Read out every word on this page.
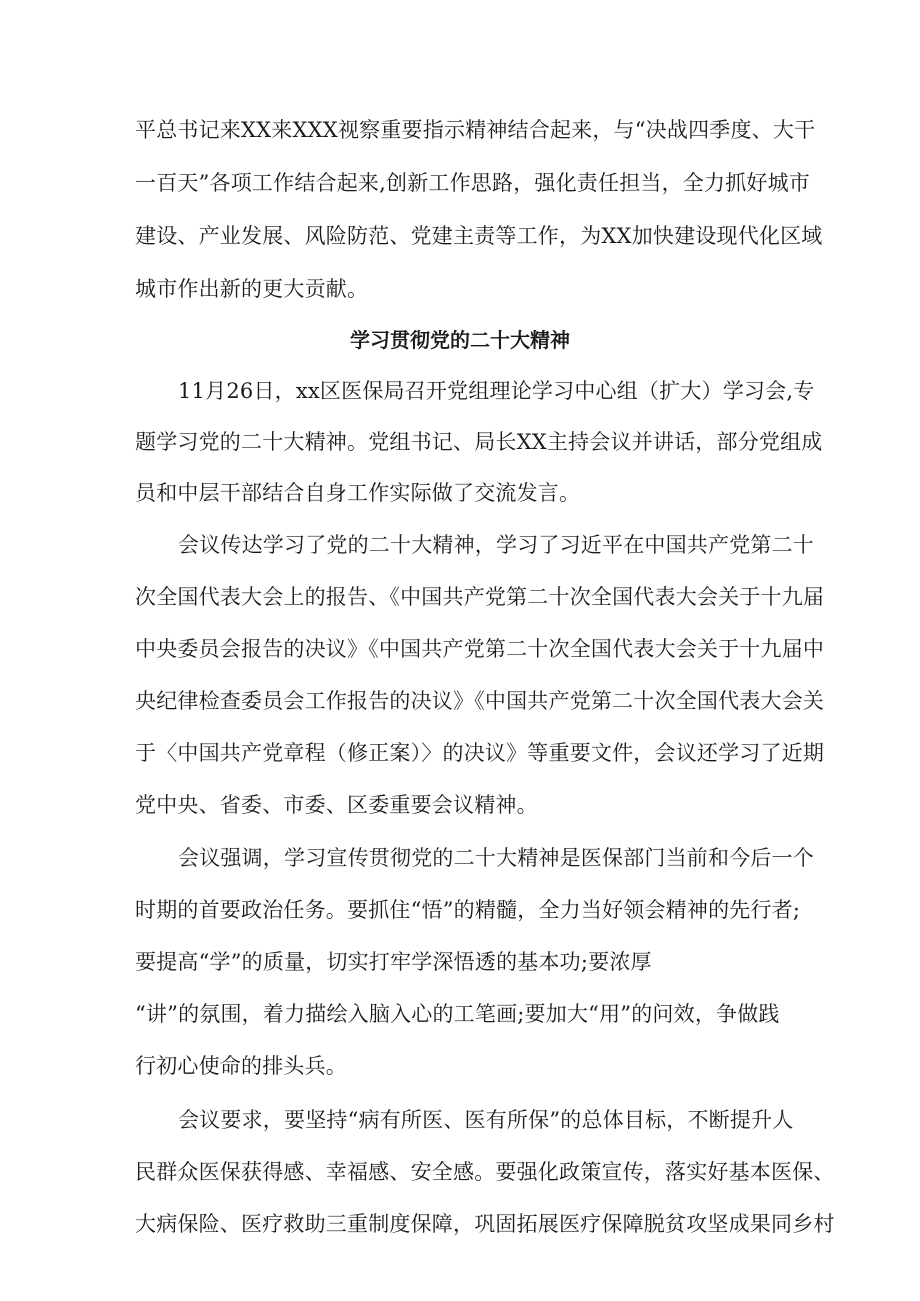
平总书记来XX来XXX视察重要指示精神结合起来，与“决战四季度、大干
一百天”各项工作结合起来,创新工作思路，强化责任担当，全力抓好城市
建设、产业发展、风险防范、党建主责等工作，为XX加快建设现代化区域
城市作出新的更大贡献。
学习贯彻党的二十大精神
11月26日，xx区医保局召开党组理论学习中心组（扩大）学习会,专
题学习党的二十大精神。党组书记、局长XX主持会议并讲话，部分党组成
员和中层干部结合自身工作实际做了交流发言。
会议传达学习了党的二十大精神，学习了习近平在中国共产党第二十
次全国代表大会上的报告、《中国共产党第二十次全国代表大会关于十九届
中央委员会报告的决议》《中国共产党第二十次全国代表大会关于十九届中
央纪律检查委员会工作报告的决议》《中国共产党第二十次全国代表大会关
于〈中国共产党章程（修正案）〉的决议》等重要文件，会议还学习了近期
党中央、省委、市委、区委重要会议精神。
会议强调，学习宣传贯彻党的二十大精神是医保部门当前和今后一个
时期的首要政治任务。要抓住“悟”的精髓，全力当好领会精神的先行者;
要提高“学”的质量，切实打牢学深悟透的基本功;要浓厚
“讲”的氛围，着力描绘入脑入心的工笔画;要加大“用”的问效，争做践
行初心使命的排头兵。
会议要求，要坚持“病有所医、医有所保”的总体目标，不断提升人
民群众医保获得感、幸福感、安全感。要强化政策宣传，落实好基本医保、
大病保险、医疗救助三重制度保障，巩固拓展医疗保障脱贫攻坚成果同乡村
